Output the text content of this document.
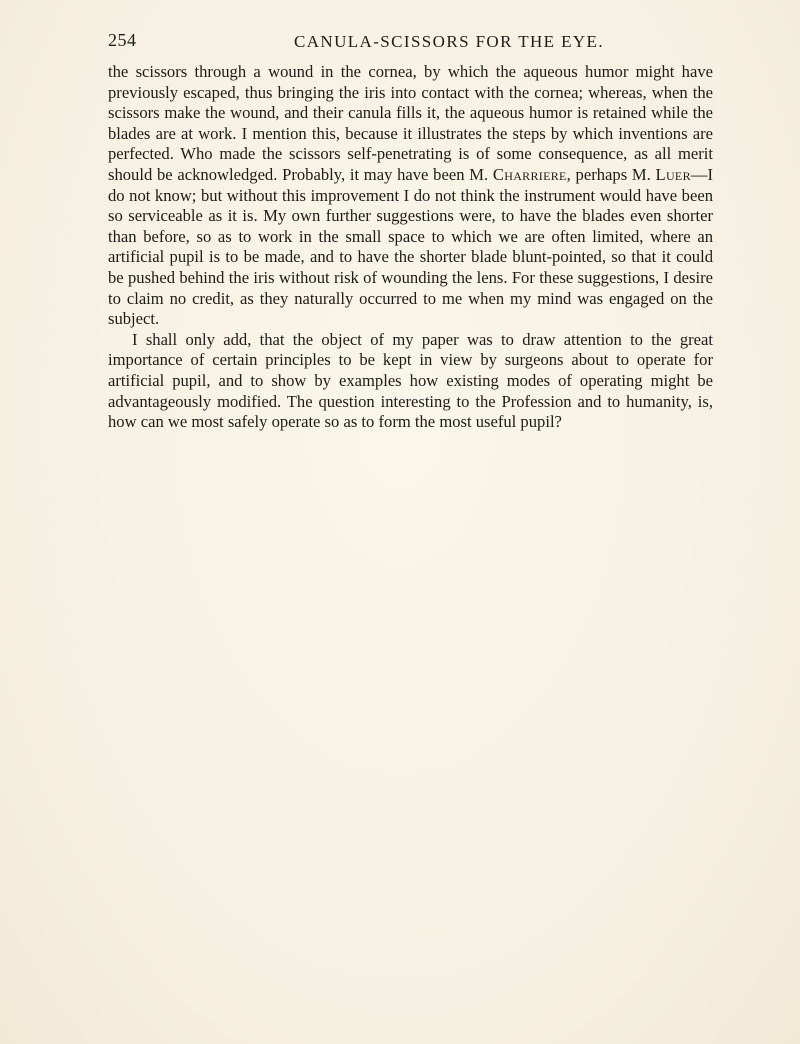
254	CANULA-SCISSORS FOR THE EYE.

the scissors through a wound in the cornea, by which the aqueous humor might have previously escaped, thus bringing the iris into contact with the cornea; whereas, when the scissors make the wound, and their canula fills it, the aqueous humor is retained while the blades are at work. I mention this, because it illustrates the steps by which inventions are perfected. Who made the scissors self-penetrating is of some consequence, as all merit should be acknowledged. Probably, it may have been M. Charriere, perhaps M. Luer—I do not know; but without this improvement I do not think the instrument would have been so serviceable as it is. My own further suggestions were, to have the blades even shorter than before, so as to work in the small space to which we are often limited, where an artificial pupil is to be made, and to have the shorter blade blunt-pointed, so that it could be pushed behind the iris without risk of wounding the lens. For these suggestions, I desire to claim no credit, as they naturally occurred to me when my mind was engaged on the subject.

I shall only add, that the object of my paper was to draw attention to the great importance of certain principles to be kept in view by surgeons about to operate for artificial pupil, and to show by examples how existing modes of operating might be advantageously modified. The question interesting to the Profession and to humanity, is, how can we most safely operate so as to form the most useful pupil?
